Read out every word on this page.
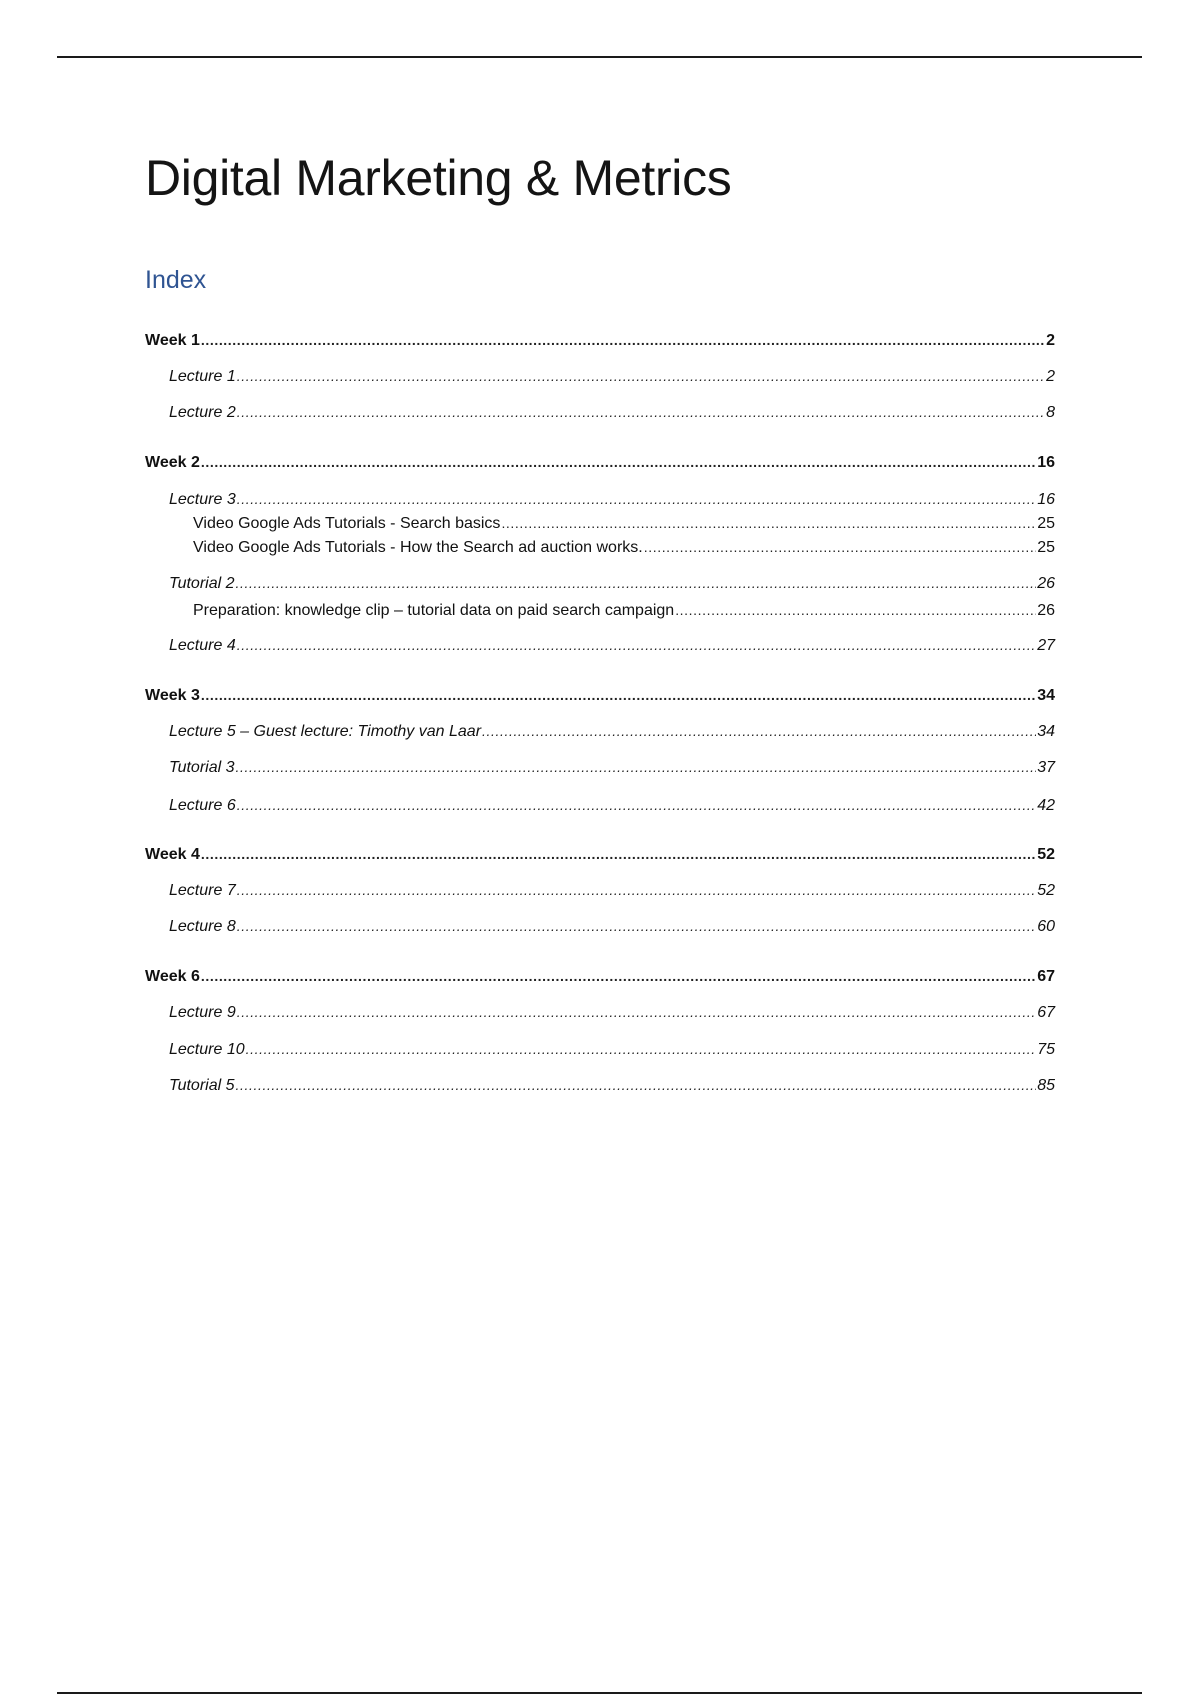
Digital Marketing & Metrics
Index
Week 1 .....	2
Lecture 1 .....	2
Lecture 2 .....	8
Week 2 .....	16
Lecture 3 .....	16
Video Google Ads Tutorials - Search basics .....	25
Video Google Ads Tutorials - How the Search ad auction works. .....	25
Tutorial 2 .....	26
Preparation: knowledge clip – tutorial data on paid search campaign .....	26
Lecture 4 .....	27
Week 3 .....	34
Lecture 5 – Guest lecture: Timothy van Laar .....	34
Tutorial 3 .....	37
Lecture 6 .....	42
Week 4 .....	52
Lecture 7 .....	52
Lecture 8 .....	60
Week 6 .....	67
Lecture 9 .....	67
Lecture 10 .....	75
Tutorial 5 .....	85
